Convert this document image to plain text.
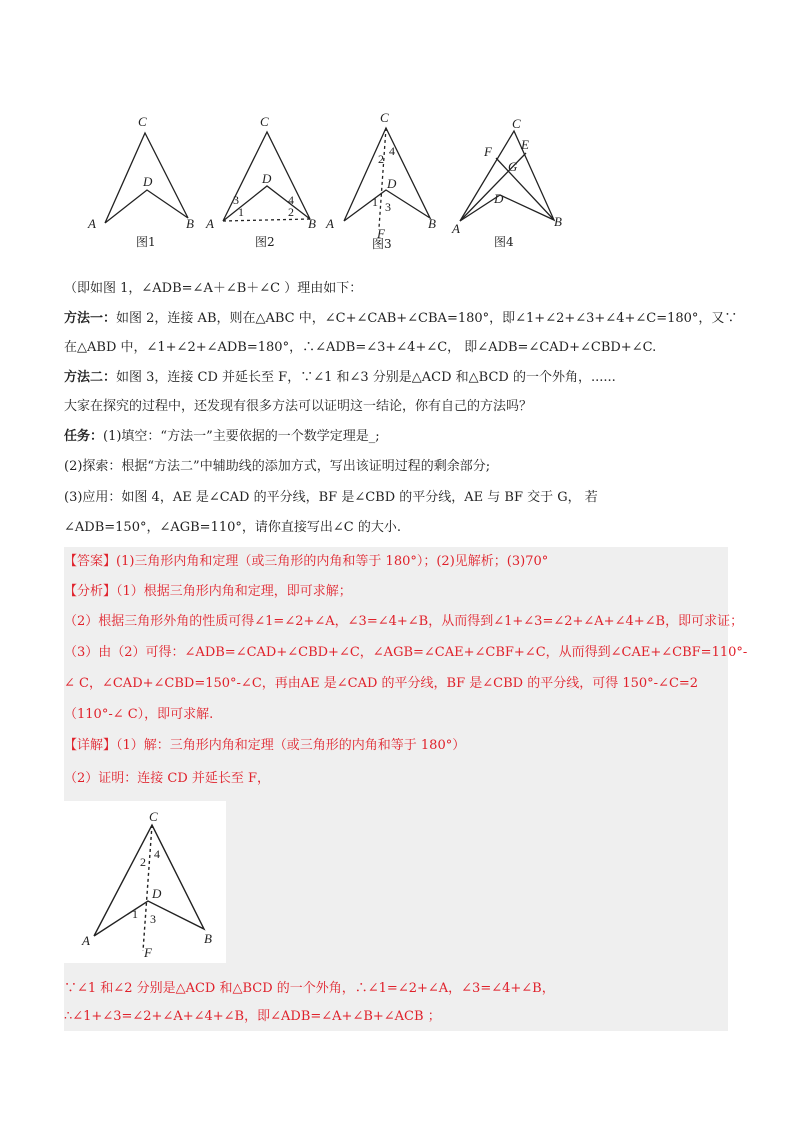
C
D
A	B
图1
C
D
A	B
3
1
4
2
图2
C
2
4
D
1 3
A	B
F
图3
C
F E
G
D
A	B
图4
（即如图 1，∠ADB=∠A＋∠B＋∠C ）理由如下：
方法一：如图 2，连接 AB，则在△ABC 中，∠C+∠CAB+∠CBA=180°，即∠1+∠2+∠3+∠4+∠C=180°，又∵
在△ABD 中，∠1+∠2+∠ADB=180°，∴∠ADB=∠3+∠4+∠C， 即∠ADB=∠CAD+∠CBD+∠C.
方法二：如图 3，连接 CD 并延长至 F，∵∠1 和∠3 分别是△ACD 和△BCD 的一个外角，......
大家在探究的过程中，还发现有很多方法可以证明这一结论，你有自己的方法吗？
任务：(1)填空：“方法一”主要依据的一个数学定理是_;
(2)探索：根据“方法二”中辅助线的添加方式，写出该证明过程的剩余部分;
(3)应用：如图 4，AE 是∠CAD 的平分线，BF 是∠CBD 的平分线，AE 与 BF 交于 G， 若
∠ADB=150°，∠AGB=110°，请你直接写出∠C 的大小.
【答案】(1)三角形内角和定理（或三角形的内角和等于 180°）；(2)见解析；(3)70°
【分析】（1）根据三角形内角和定理，即可求解；
（2）根据三角形外角的性质可得∠1=∠2+∠A，∠3=∠4+∠B，从而得到∠1+∠3=∠2+∠A+∠4+∠B，即可求证；
（3）由（2）可得：∠ADB=∠CAD+∠CBD+∠C，∠AGB=∠CAE+∠CBF+∠C，从而得到∠CAE+∠CBF=110°-
∠ C，∠CAD+∠CBD=150°-∠C，再由AE 是∠CAD 的平分线，BF 是∠CBD 的平分线，可得 150°-∠C=2
（110°-∠ C），即可求解.
【详解】（1）解：三角形内角和定理（或三角形的内角和等于 180°）
（2）证明：连接 CD 并延长至 F，
C
2
4
D
1 3
A	B
F
∵∠1 和∠2 分别是△ACD 和△BCD 的一个外角，∴∠1=∠2+∠A，∠3=∠4+∠B，
∴∠1+∠3=∠2+∠A+∠4+∠B，即∠ADB=∠A+∠B+∠ACB ；
